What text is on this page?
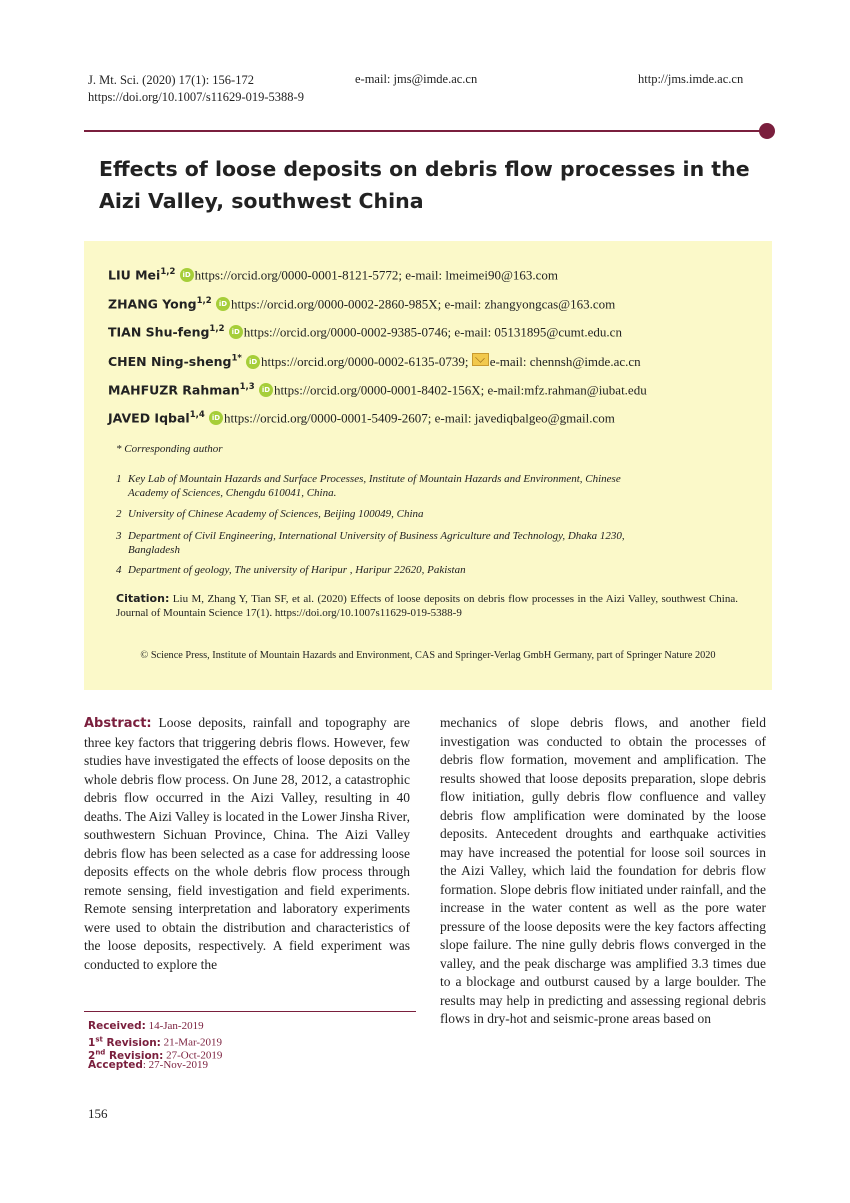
J. Mt. Sci. (2020) 17(1): 156-172
https://doi.org/10.1007/s11629-019-5388-9
e-mail: jms@imde.ac.cn	http://jms.imde.ac.cn
Effects of loose deposits on debris flow processes in the Aizi Valley, southwest China
LIU Mei$^{1,2}$ iD https://orcid.org/0000-0001-8121-5772; e-mail: lmeimei90@163.com
ZHANG Yong$^{1,2}$ iD https://orcid.org/0000-0002-2860-985X; e-mail: zhangyongcas@163.com
TIAN Shu-feng$^{1,2}$ iD https://orcid.org/0000-0002-9385-0746; e-mail: 05131895@cumt.edu.cn
CHEN Ning-sheng$^{1*}$ iD https://orcid.org/0000-0002-6135-0739; e-mail: chennsh@imde.ac.cn
MAHFUZR Rahman$^{1,3}$ iD https://orcid.org/0000-0001-8402-156X; e-mail:mfz.rahman@iubat.edu
JAVED Iqbal$^{1,4}$ iD https://orcid.org/0000-0001-5409-2607; e-mail: javediqbalgeo@gmail.com
* Corresponding author
1 Key Lab of Mountain Hazards and Surface Processes, Institute of Mountain Hazards and Environment, Chinese
Academy of Sciences, Chengdu 610041, China.
2 University of Chinese Academy of Sciences, Beijing 100049, China
3 Department of Civil Engineering, International University of Business Agriculture and Technology, Dhaka 1230,
Bangladesh
4 Department of geology, The university of Haripur , Haripur 22620, Pakistan
Citation: Liu M, Zhang Y, Tian SF, et al. (2020) Effects of loose deposits on debris flow processes in the Aizi Valley, southwest China. Journal of Mountain Science 17(1). https://doi.org/10.1007s11629-019-5388-9
© Science Press, Institute of Mountain Hazards and Environment, CAS and Springer-Verlag GmbH Germany, part of Springer Nature 2020

Abstract: Loose deposits, rainfall and topography are three key factors that triggering debris flows. However, few studies have investigated the effects of loose deposits on the whole debris flow process. On June 28, 2012, a catastrophic debris flow occurred in the Aizi Valley, resulting in 40 deaths. The Aizi Valley is located in the Lower Jinsha River, southwestern Sichuan Province, China. The Aizi Valley debris flow has been selected as a case for addressing loose deposits effects on the whole debris flow process through remote sensing, field investigation and field experiments. Remote sensing interpretation and laboratory experiments were used to obtain the distribution and characteristics of the loose deposits, respectively. A field experiment was conducted to explore the

mechanics of slope debris flows, and another field investigation was conducted to obtain the processes of debris flow formation, movement and amplification. The results showed that loose deposits preparation, slope debris flow initiation, gully debris flow confluence and valley debris flow amplification were dominated by the loose deposits. Antecedent droughts and earthquake activities may have increased the potential for loose soil sources in the Aizi Valley, which laid the foundation for debris flow formation. Slope debris flow initiated under rainfall, and the increase in the water content as well as the pore water pressure of the loose deposits were the key factors affecting slope failure. The nine gully debris flows converged in the valley, and the peak discharge was amplified 3.3 times due to a blockage and outburst caused by a large boulder. The results may help in predicting and assessing regional debris flows in dry-hot and seismic-prone areas based on

Received: 14-Jan-2019
1st Revision: 21-Mar-2019
2nd Revision: 27-Oct-2019
Accepted: 27-Nov-2019
156
